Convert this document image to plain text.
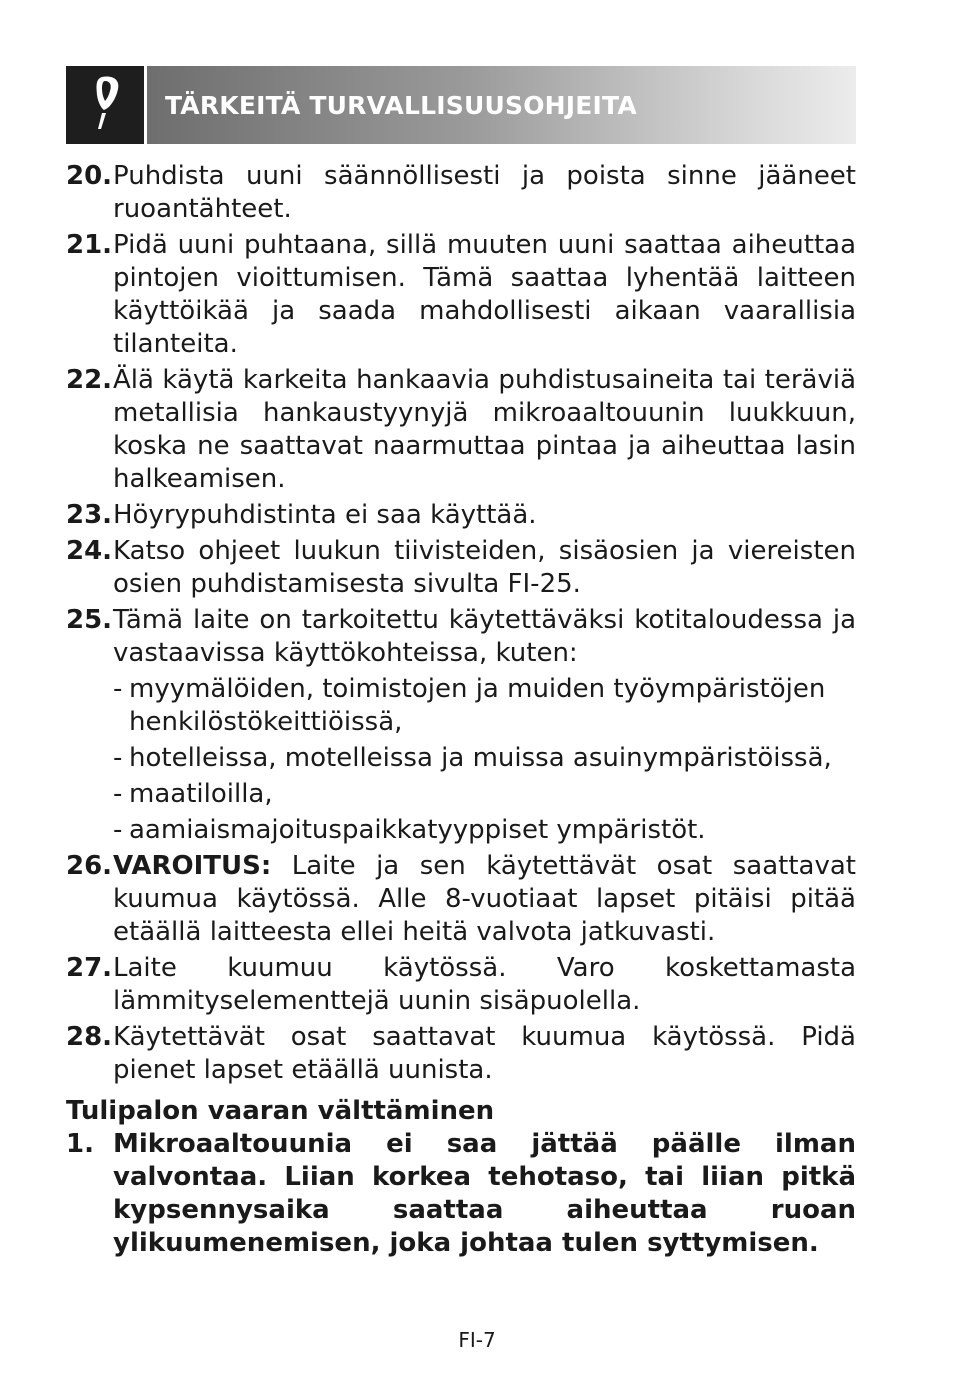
TÄRKEITÄ TURVALLISUUSOHJEITA
20. Puhdista uuni säännöllisesti ja poista sinne jääneet ruoantähteet.
21. Pidä uuni puhtaana, sillä muuten uuni saattaa aiheuttaa pintojen vioittumisen. Tämä saattaa lyhentää laitteen käyttöikää ja saada mahdollisesti aikaan vaarallisia tilanteita.
22. Älä käytä karkeita hankaavia puhdistusaineita tai teräviä metallisia hankaustyynyjä mikroaaltouunin luukkuun, koska ne saattavat naarmuttaa pintaa ja aiheuttaa lasin halkeamisen.
23. Höyrypuhdistinta ei saa käyttää.
24. Katso ohjeet luukun tiivisteiden, sisäosien ja viereisten osien puhdistamisesta sivulta FI-25.
25. Tämä laite on tarkoitettu käytettäväksi kotitaloudessa ja vastaavissa käyttökohteissa, kuten:
- myymälöiden, toimistojen ja muiden työympäristöjen henkilöstökeittiöissä,
- hotelleissa, motelleissa ja muissa asuinympäristöissä,
- maatiloilla,
- aamiaismajoituspaikkatyyppiset ympäristöt.
26. VAROITUS: Laite ja sen käytettävät osat saattavat kuumua käytössä. Alle 8-vuotiaat lapset pitäisi pitää etäällä laitteesta ellei heitä valvota jatkuvasti.
27. Laite kuumuu käytössä. Varo koskettamasta lämmityselementtejä uunin sisäpuolella.
28. Käytettävät osat saattavat kuumua käytössä. Pidä pienet lapset etäällä uunista.
Tulipalon vaaran välttäminen
1. Mikroaaltouunia ei saa jättää päälle ilman valvontaa. Liian korkea tehotaso, tai liian pitkä kypsennysaika saattaa aiheuttaa ruoan ylikuumenemisen, joka johtaa tulen syttymisen.
FI-7
